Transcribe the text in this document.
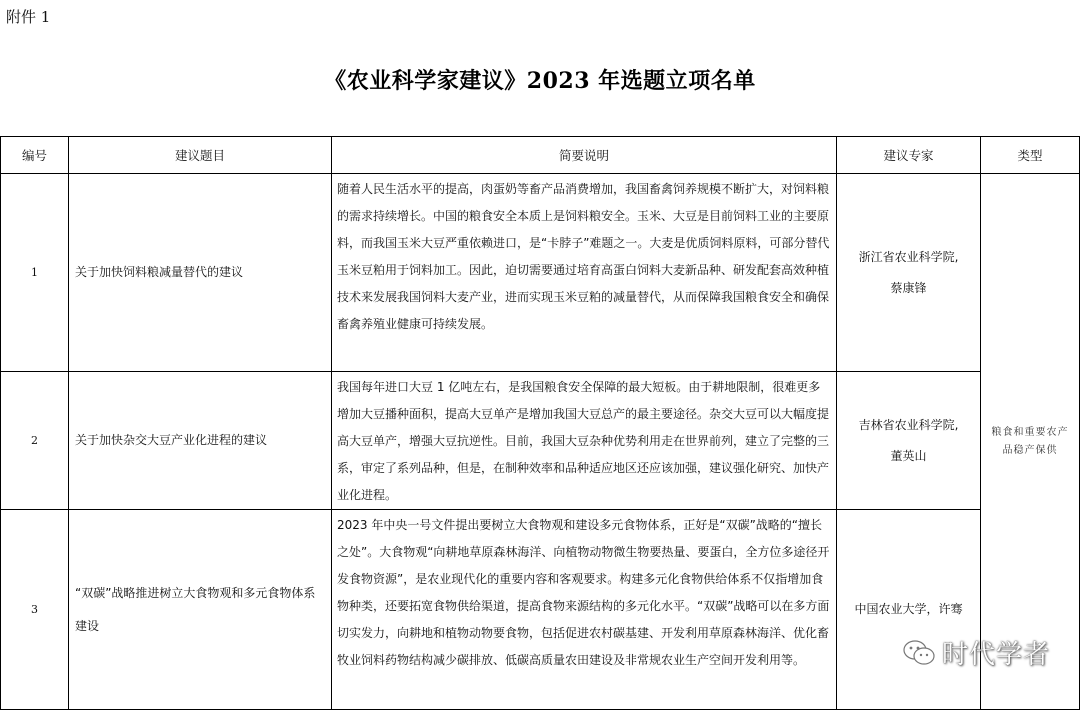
附件 1
《农业科学家建议》2023 年选题立项名单
编号	建议题目	简要说明	建议专家	类型
1	关于加快饲料粮减量替代的建议	随着人民生活水平的提高，肉蛋奶等畜产品消费增加，我国畜禽饲养规模不断扩大，对饲料粮的需求持续增长。中国的粮食安全本质上是饲料粮安全。玉米、大豆是目前饲料工业的主要原料，而我国玉米大豆严重依赖进口，是“卡脖子”难题之一。大麦是优质饲料原料，可部分替代玉米豆粕用于饲料加工。因此，迫切需要通过培育高蛋白饲料大麦新品种、研发配套高效种植技术来发展我国饲料大麦产业，进而实现玉米豆粕的减量替代，从而保障我国粮食安全和确保畜禽养殖业健康可持续发展。	浙江省农业科学院,
蔡康锋	粮食和重要农产品稳产保供
2	关于加快杂交大豆产业化进程的建议	我国每年进口大豆 1 亿吨左右，是我国粮食安全保障的最大短板。由于耕地限制，很难更多增加大豆播种面积，提高大豆单产是增加我国大豆总产的最主要途径。杂交大豆可以大幅度提高大豆单产，增强大豆抗逆性。目前，我国大豆杂种优势利用走在世界前列，建立了完整的三系，审定了系列品种，但是，在制种效率和品种适应地区还应该加强，建议强化研究、加快产业化进程。	吉林省农业科学院,
董英山	

3	“双碳”战略推进树立大食物观和多元食物体系建设	2023 年中央一号文件提出要树立大食物观和建设多元食物体系，正好是“双碳”战略的“擅长之处”。大食物观“向耕地草原森林海洋、向植物动物微生物要热量、要蛋白，全方位多途径开发食物资源”，是农业现代化的重要内容和客观要求。构建多元化食物供给体系不仅指增加食物种类，还要拓宽食物供给渠道，提高食物来源结构的多元化水平。“双碳”战略可以在多方面切实发力，向耕地和植物动物要食物，包括促进农村碳基建、开发利用草原森林海洋、优化畜牧业饲料药物结构减少碳排放、低碳高质量农田建设及非常规农业生产空间开发利用等。	中国农业大学，许骞	
时代学者
